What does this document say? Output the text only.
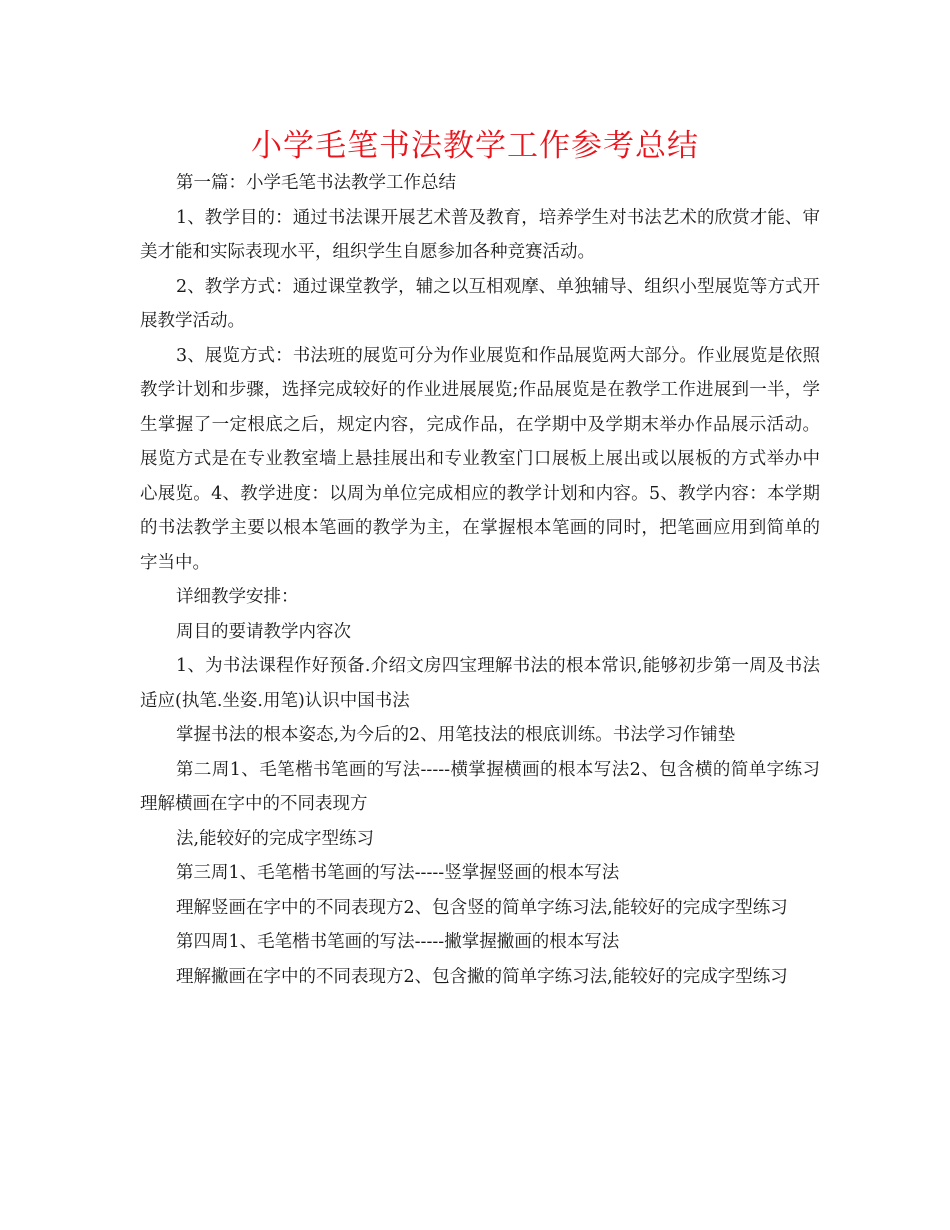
小学毛笔书法教学工作参考总结

第一篇：小学毛笔书法教学工作总结

1、教学目的：通过书法课开展艺术普及教育，培养学生对书法艺术的欣赏才能、审美才能和实际表现水平，组织学生自愿参加各种竞赛活动。

2、教学方式：通过课堂教学，辅之以互相观摩、单独辅导、组织小型展览等方式开展教学活动。

3、展览方式：书法班的展览可分为作业展览和作品展览两大部分。作业展览是依照教学计划和步骤，选择完成较好的作业进展展览;作品展览是在教学工作进展到一半，学生掌握了一定根底之后，规定内容，完成作品，在学期中及学期末举办作品展示活动。展览方式是在专业教室墙上悬挂展出和专业教室门口展板上展出或以展板的方式举办中心展览。4、教学进度：以周为单位完成相应的教学计划和内容。5、教学内容：本学期的书法教学主要以根本笔画的教学为主，在掌握根本笔画的同时，把笔画应用到简单的字当中。

详细教学安排：

周目的要请教学内容次

1、为书法课程作好预备.介绍文房四宝理解书法的根本常识,能够初步第一周及书法适应(执笔.坐姿.用笔)认识中国书法

掌握书法的根本姿态,为今后的2、用笔技法的根底训练。书法学习作铺垫

第二周1、毛笔楷书笔画的写法-----横掌握横画的根本写法2、包含横的简单字练习理解横画在字中的不同表现方

法,能较好的完成字型练习

第三周1、毛笔楷书笔画的写法-----竖掌握竖画的根本写法

理解竖画在字中的不同表现方2、包含竖的简单字练习法,能较好的完成字型练习

第四周1、毛笔楷书笔画的写法-----撇掌握撇画的根本写法

理解撇画在字中的不同表现方2、包含撇的简单字练习法,能较好的完成字型练习
